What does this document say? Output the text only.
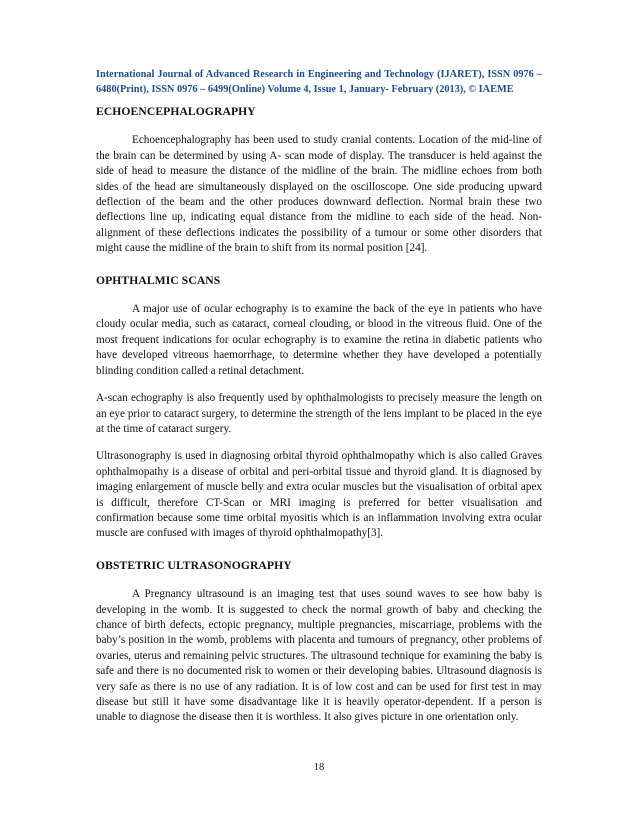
International Journal of Advanced Research in Engineering and Technology (IJARET), ISSN 0976 – 6480(Print), ISSN 0976 – 6499(Online) Volume 4, Issue 1, January- February (2013), © IAEME
ECHOENCEPHALOGRAPHY

Echoencephalography has been used to study cranial contents. Location of the mid-line of the brain can be determined by using A- scan mode of display. The transducer is held against the side of head to measure the distance of the midline of the brain. The midline echoes from both sides of the head are simultaneously displayed on the oscilloscope. One side producing upward deflection of the beam and the other produces downward deflection. Normal brain these two deflections line up, indicating equal distance from the midline to each side of the head. Non-alignment of these deflections indicates the possibility of a tumour or some other disorders that might cause the midline of the brain to shift from its normal position [24].

OPHTHALMIC SCANS

A major use of ocular echography is to examine the back of the eye in patients who have cloudy ocular media, such as cataract, corneal clouding, or blood in the vitreous fluid. One of the most frequent indications for ocular echography is to examine the retina in diabetic patients who have developed vitreous haemorrhage, to determine whether they have developed a potentially blinding condition called a retinal detachment.

A-scan echography is also frequently used by ophthalmologists to precisely measure the length on an eye prior to cataract surgery, to determine the strength of the lens implant to be placed in the eye at the time of cataract surgery.

Ultrasonography is used in diagnosing orbital thyroid ophthalmopathy which is also called Graves ophthalmopathy is a disease of orbital and peri-orbital tissue and thyroid gland. It is diagnosed by imaging enlargement of muscle belly and extra ocular muscles but the visualisation of orbital apex is difficult, therefore CT-Scan or MRI imaging is preferred for better visualisation and confirmation because some time orbital myositis which is an inflammation involving extra ocular muscle are confused with images of thyroid ophthalmopathy[3].

OBSTETRIC ULTRASONOGRAPHY

A Pregnancy ultrasound is an imaging test that uses sound waves to see how baby is developing in the womb. It is suggested to check the normal growth of baby and checking the chance of birth defects, ectopic pregnancy, multiple pregnancies, miscarriage, problems with the baby’s position in the womb, problems with placenta and tumours of pregnancy, other problems of ovaries, uterus and remaining pelvic structures. The ultrasound technique for examining the baby is safe and there is no documented risk to women or their developing babies. Ultrasound diagnosis is very safe as there is no use of any radiation. It is of low cost and can be used for first test in may disease but still it have some disadvantage like it is heavily operator-dependent. If a person is unable to diagnose the disease then it is worthless. It also gives picture in one orientation only.

18
